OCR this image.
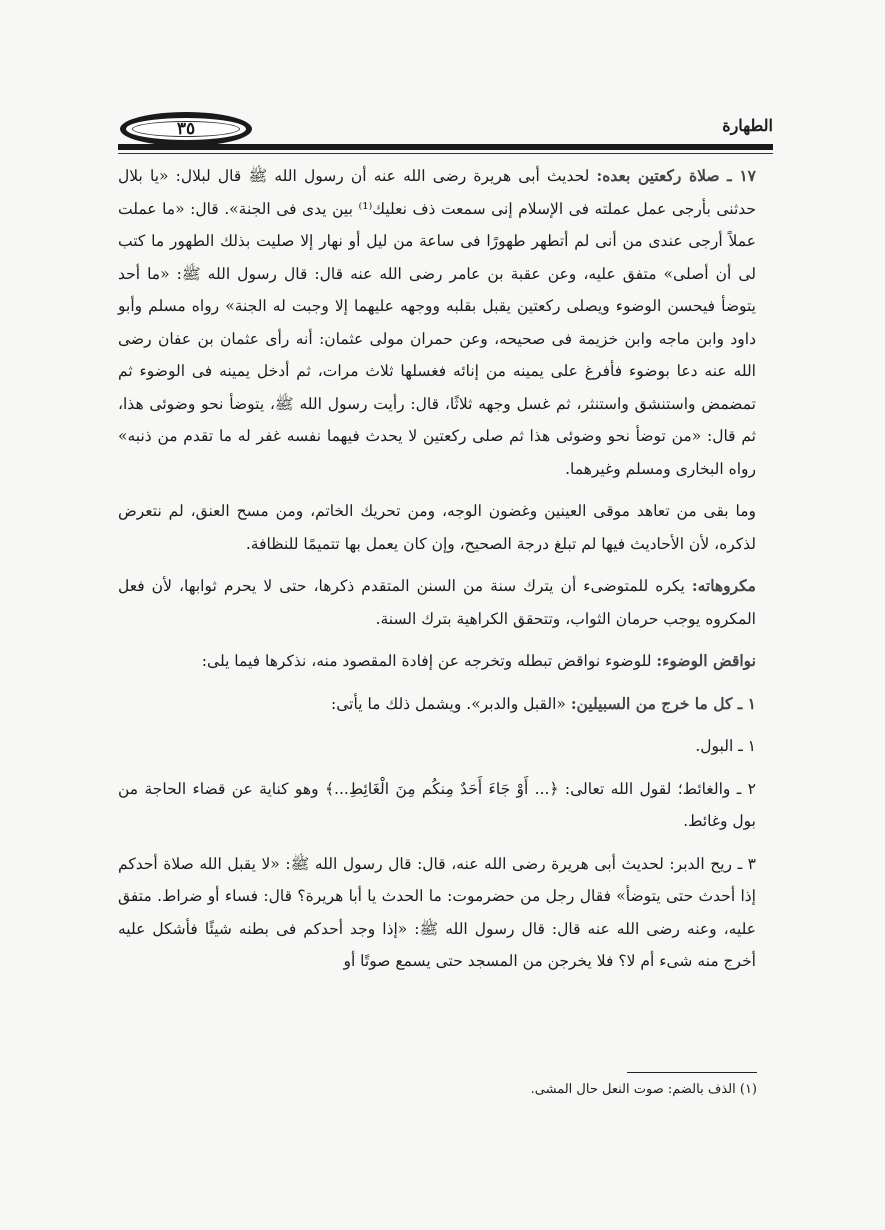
٣٥	الطهارة

١٧ ـ صلاة ركعتين بعده: لحديث أبى هريرة رضى الله عنه أن رسول الله ﷺ قال لبلال: «يا بلال حدثنى بأرجى عمل عملته فى الإسلام إنى سمعت ذف نعليك⁽¹⁾ بين يدى فى الجنة». قال: «ما عملت عملاً أرجى عندى من أنى لم أتطهر طهورًا فى ساعة من ليل أو نهار إلا صليت بذلك الطهور ما كتب لى أن أصلى» متفق عليه، وعن عقبة بن عامر رضى الله عنه قال: قال رسول الله ﷺ: «ما أحد يتوضأ فيحسن الوضوء ويصلى ركعتين يقبل بقلبه ووجهه عليهما إلا وجبت له الجنة» رواه مسلم وأبو داود وابن ماجه وابن خزيمة فى صحيحه، وعن حمران مولى عثمان: أنه رأى عثمان بن عفان رضى الله عنه دعا بوضوء فأفرغ على يمينه من إنائه فغسلها ثلاث مرات، ثم أدخل يمينه فى الوضوء ثم تمضمض واستنشق واستنثر، ثم غسل وجهه ثلاثًا، قال: رأيت رسول الله ﷺ، يتوضأ نحو وضوئى هذا، ثم قال: «من توضأ نحو وضوئى هذا ثم صلى ركعتين لا يحدث فيهما نفسه غفر له ما تقدم من ذنبه» رواه البخارى ومسلم وغيرهما.

وما بقى من تعاهد موقى العينين وغضون الوجه، ومن تحريك الخاتم، ومن مسح العنق، لم نتعرض لذكره، لأن الأحاديث فيها لم تبلغ درجة الصحيح، وإن كان يعمل بها تتميمًا للنظافة.

مكروهاته: يكره للمتوضىء أن يترك سنة من السنن المتقدم ذكرها، حتى لا يحرم ثوابها، لأن فعل المكروه يوجب حرمان الثواب، وتتحقق الكراهية بترك السنة.

نواقض الوضوء: للوضوء نواقض تبطله وتخرجه عن إفادة المقصود منه، نذكرها فيما يلى:

١ ـ كل ما خرج من السبيلين: «القبل والدبر». ويشمل ذلك ما يأتى:

١ ـ البول.

٢ ـ والغائط؛ لقول الله تعالى: ﴿... أَوْ جَاءَ أَحَدٌ مِنكُم مِنَ الْغَائِطِ...﴾ وهو كناية عن قضاء الحاجة من بول وغائط.

٣ ـ ريح الدبر: لحديث أبى هريرة رضى الله عنه، قال: قال رسول الله ﷺ: «لا يقبل الله صلاة أحدكم إذا أحدث حتى يتوضأ» فقال رجل من حضرموت: ما الحدث يا أبا هريرة؟ قال: فساء أو ضراط. متفق عليه، وعنه رضى الله عنه قال: قال رسول الله ﷺ: «إذا وجد أحدكم فى بطنه شيئًا فأشكل عليه أخرج منه شىء أم لا؟ فلا يخرجن من المسجد حتى يسمع صوتًا أو

(١) الذف بالضم: صوت النعل حال المشى.
